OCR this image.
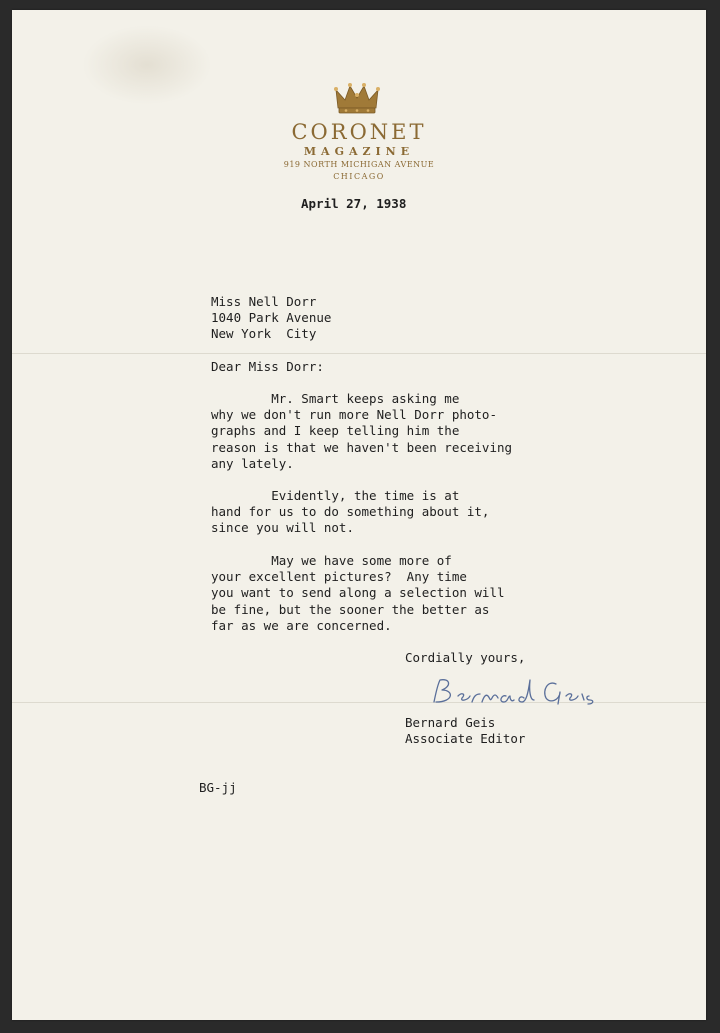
CORONET
MAGAZINE
919 NORTH MICHIGAN AVENUE
CHICAGO
April 27, 1938
Miss Nell Dorr
1040 Park Avenue
New York  City
Dear Miss Dorr:
Mr. Smart keeps asking me
why we don't run more Nell Dorr photo-
graphs and I keep telling him the
reason is that we haven't been receiving
any lately.
Evidently, the time is at
hand for us to do something about it,
since you will not.
May we have some more of
your excellent pictures?  Any time
you want to send along a selection will
be fine, but the sooner the better as
far as we are concerned.
Cordially yours,
Bernard Geis
Associate Editor
BG-jj
